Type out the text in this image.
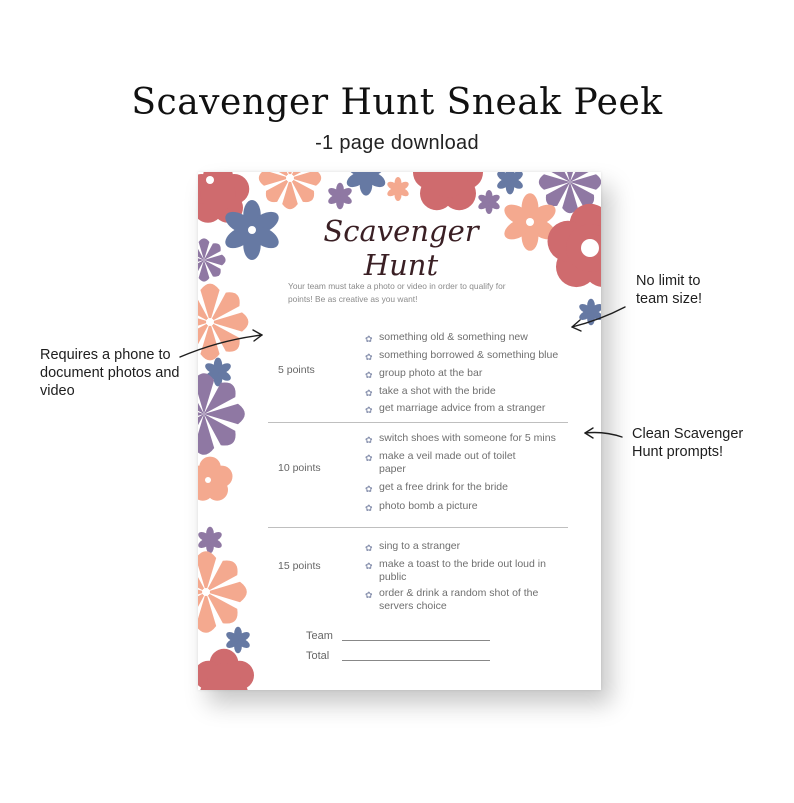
Scavenger Hunt Sneak Peek
-1 page download
Scavenger Hunt
Your team must take a photo or video in order to qualify for points! Be as creative as you want!
5 points
✿ something old & something new
✿ something borrowed & something blue
✿ group photo at the bar
✿ take a shot with the bride
✿ get marriage advice from a stranger
10 points
✿ switch shoes with someone for 5 mins
✿ make a veil made out of toilet paper
✿ get a free drink for the bride
✿ photo bomb a picture
15 points
✿ sing to a stranger
✿ make a toast to the bride out loud in public
✿ order & drink a random shot of the servers choice
Team
Total
Requires a phone to document photos and video
No limit to team size!
Clean Scavenger Hunt prompts!
